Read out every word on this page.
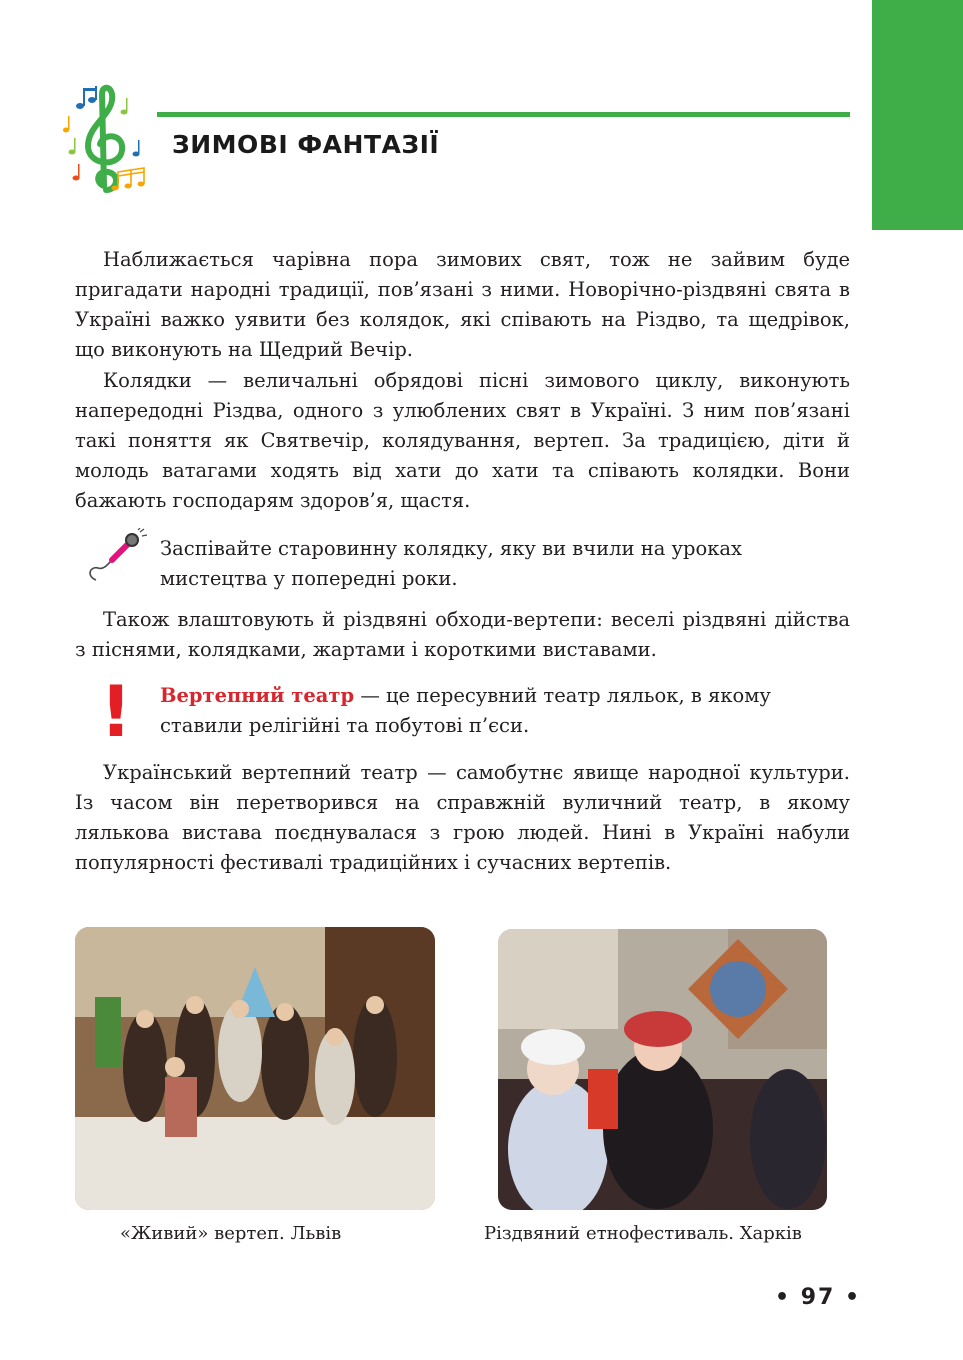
ЗИМОВІ ФАНТАЗІЇ

Наближається чарівна пора зимових свят, тож не зайвим буде пригадати народні традиції, пов’язані з ними. Новорічно-різдвяні свята в Україні важко уявити без колядок, які співають на Різдво, та щедрівок, що виконують на Щедрий Вечір.

Колядки — величальні обрядові пісні зимового циклу, виконують напередодні Різдва, одного з улюблених свят в Україні. З ним пов’язані такі поняття як Святвечір, колядування, вертеп. За традицією, діти й молодь ватагами ходять від хати до хати та співають колядки. Вони бажають господарям здоров’я, щастя.

Заспівайте старовинну колядку, яку ви вчили на уроках мистецтва у попередні роки.

Також влаштовують й різдвяні обходи-вертепи: веселі різдвяні дійства з піснями, колядками, жартами і короткими виставами.

! Вертепний театр — це пересувний театр ляльок, в якому ставили релігійні та побутові п’єси.

Український вертепний театр — самобутнє явище народної культури. Із часом він перетворився на справжній вуличний театр, в якому лялькова вистава поєднувалася з грою людей. Нині в Україні набули популярності фестивалі традиційних і сучасних вертепів.

«Живий» вертеп. Львів	Різдвяний етнофестиваль. Харків
• 97 •
